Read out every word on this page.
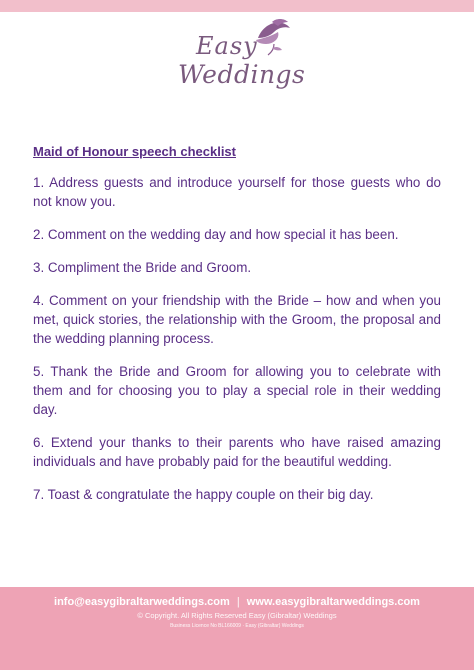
Easy
Weddings
Maid of Honour speech checklist

1. Address guests and introduce yourself for those guests who do not know you.

2. Comment on the wedding day and how special it has been.

3. Compliment the Bride and Groom.

4. Comment on your friendship with the Bride – how and when you met, quick stories, the relationship with the Groom, the proposal and the wedding planning process.

5. Thank the Bride and Groom for allowing you to celebrate with them and for choosing you to play a special role in their wedding day.

6. Extend your thanks to their parents who have raised amazing individuals and have probably paid for the beautiful wedding.

7. Toast & congratulate the happy couple on their big day.

info@easygibraltarweddings.com | www.easygibraltarweddings.com
© Copyright. All Rights Reserved Easy (Gibraltar) Weddings
Business Licence No BL166009 · Easy (Gibraltar) Weddings
